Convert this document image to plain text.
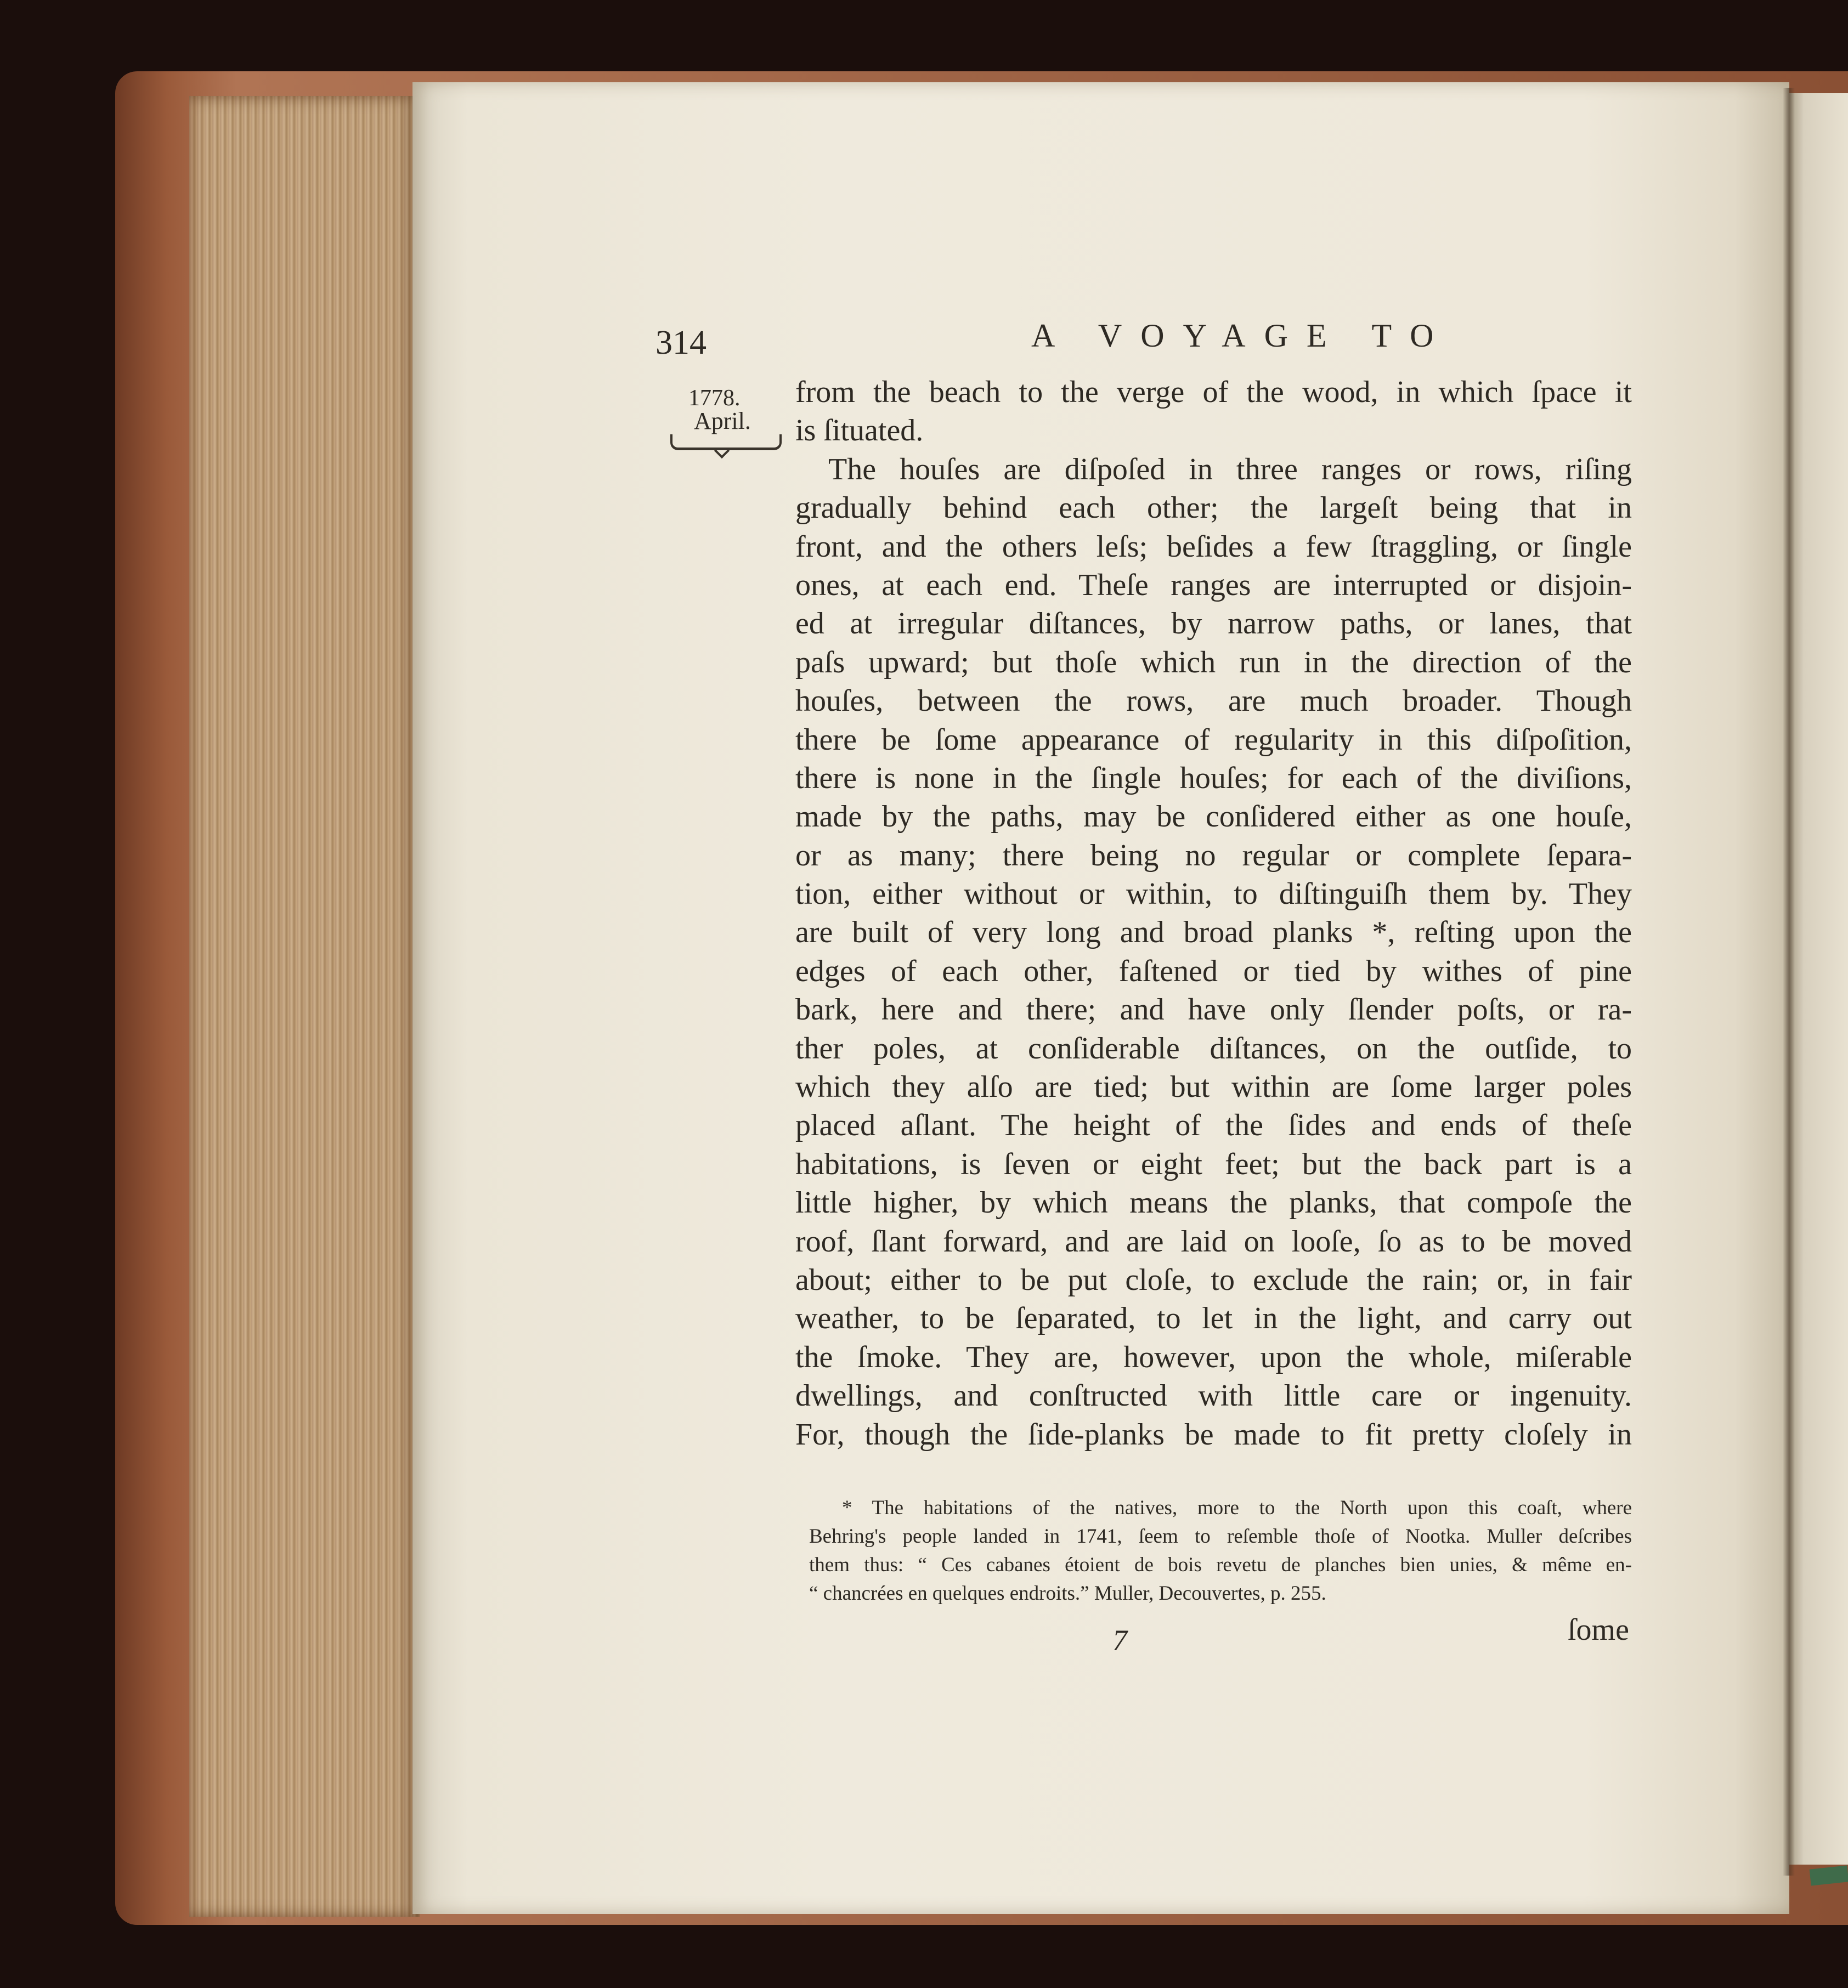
314	A VOYAGE TO
1778.
April.
from the beach to the verge of the wood, in which ſpace it
is ſituated.
The houſes are diſpoſed in three ranges or rows, riſing
gradually behind each other; the largeſt being that in
front, and the others leſs; beſides a few ſtraggling, or ſingle
ones, at each end. Theſe ranges are interrupted or disjoin-
ed at irregular diſtances, by narrow paths, or lanes, that
paſs upward; but thoſe which run in the direction of the
houſes, between the rows, are much broader. Though
there be ſome appearance of regularity in this diſpoſition,
there is none in the ſingle houſes; for each of the diviſions,
made by the paths, may be conſidered either as one houſe,
or as many; there being no regular or complete ſepara-
tion, either without or within, to diſtinguiſh them by. They
are built of very long and broad planks *, reſting upon the
edges of each other, faſtened or tied by withes of pine
bark, here and there; and have only ſlender poſts, or ra-
ther poles, at conſiderable diſtances, on the outſide, to
which they alſo are tied; but within are ſome larger poles
placed aſlant. The height of the ſides and ends of theſe
habitations, is ſeven or eight feet; but the back part is a
little higher, by which means the planks, that compoſe the
roof, ſlant forward, and are laid on looſe, ſo as to be moved
about; either to be put cloſe, to exclude the rain; or, in fair
weather, to be ſeparated, to let in the light, and carry out
the ſmoke. They are, however, upon the whole, miſerable
dwellings, and conſtructed with little care or ingenuity.
For, though the ſide-planks be made to fit pretty cloſely in
* The habitations of the natives, more to the North upon this coaſt, where
Behring's people landed in 1741, ſeem to reſemble thoſe of Nootka. Muller deſcribes
them thus: “ Ces cabanes étoient de bois revetu de planches bien unies, & même en-
“ chancrées en quelques endroits.” Muller, Decouvertes, p. 255.
7	ſome
